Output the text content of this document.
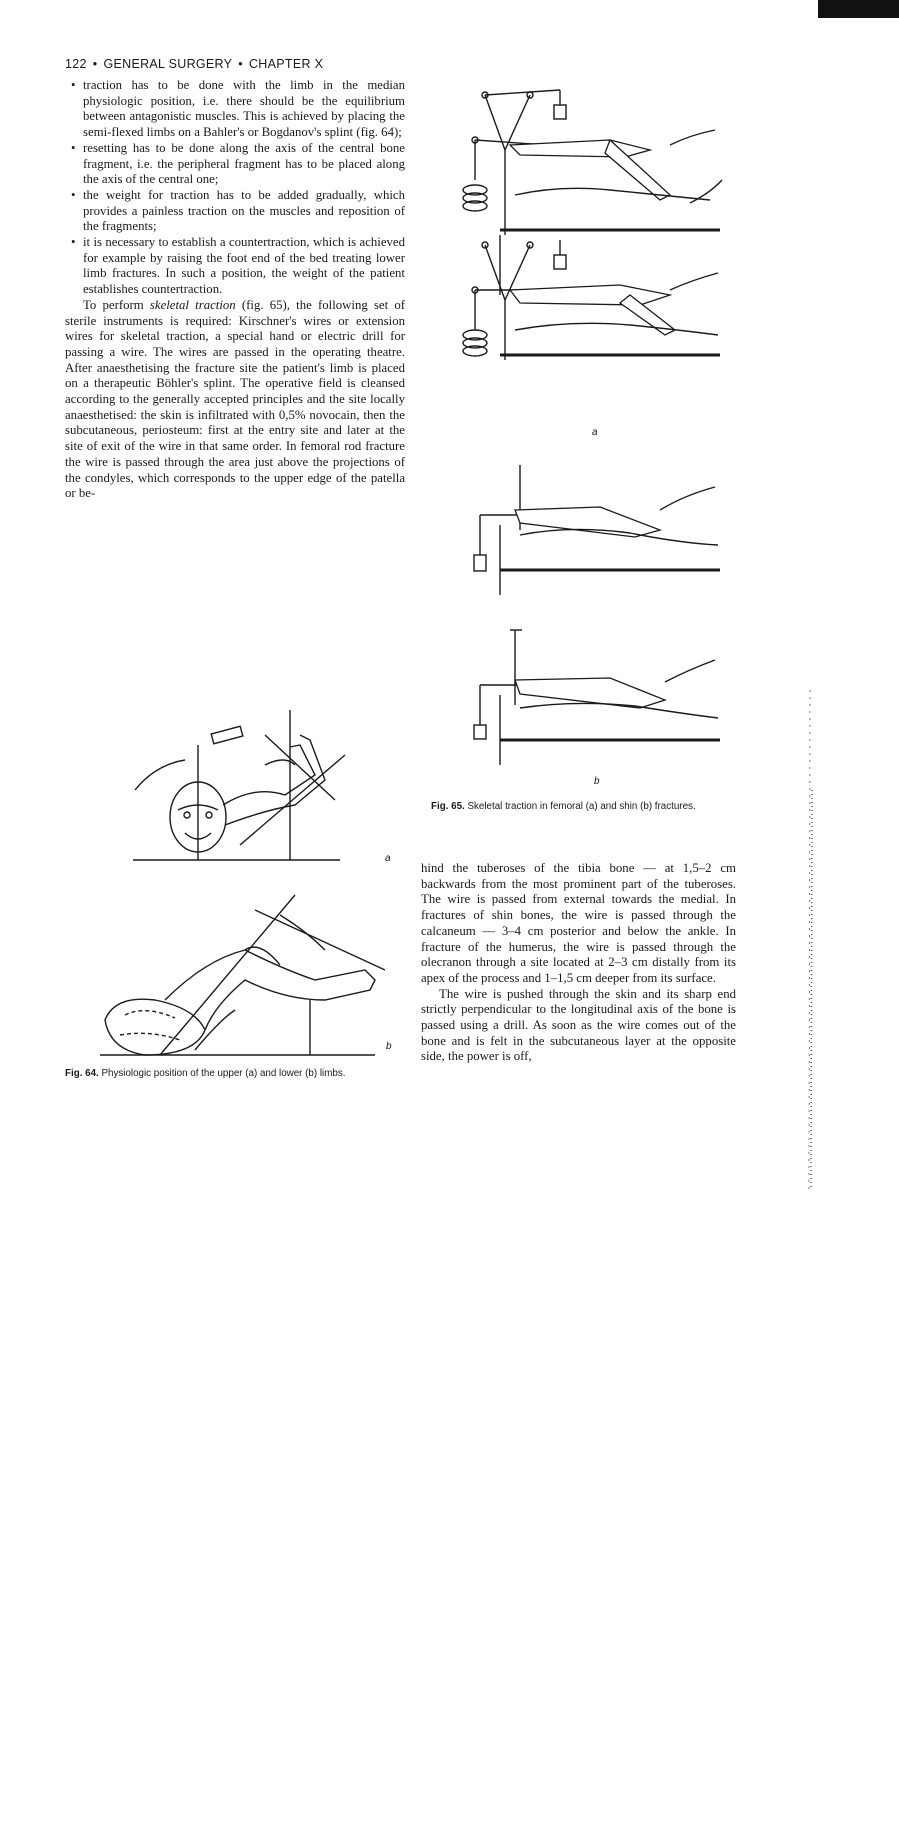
122 • GENERAL SURGERY • CHAPTER X
• traction has to be done with the limb in the median physiologic position, i.e. there should be the equilibrium between antagonistic muscles. This is achieved by placing the semi-flexed limbs on a Bahler's or Bogdanov's splint (fig. 64);
• resetting has to be done along the axis of the central bone fragment, i.e. the peripheral fragment has to be placed along the axis of the central one;
• the weight for traction has to be added gradually, which provides a painless traction on the muscles and reposition of the fragments;
• it is necessary to establish a countertraction, which is achieved for example by raising the foot end of the bed treating lower limb fractures. In such a position, the weight of the patient establishes countertraction.

To perform skeletal traction (fig. 65), the following set of sterile instruments is required: Kirschner's wires or extension wires for skeletal traction, a special hand or electric drill for passing a wire. The wires are passed in the operating theatre. After anaesthetising the fracture site the patient's limb is placed on a therapeutic Böhler's splint. The operative field is cleansed according to the generally accepted principles and the site locally anaesthetised: the skin is infiltrated with 0,5% novocain, then the subcutaneous, periosteum: first at the entry site and later at the site of exit of the wire in that same order. In femoral rod fracture the wire is passed through the area just above the projections of the condyles, which corresponds to the upper edge of the patella or be-

a
b
Fig. 65. Skeletal traction in femoral (a) and shin (b) fractures.
a
b
Fig. 64. Physiologic position of the upper (a) and lower (b) limbs.

hind the tuberoses of the tibia bone — at 1,5–2 cm backwards from the most prominent part of the tuberoses. The wire is passed from external towards the medial. In fractures of shin bones, the wire is passed through the calcaneum — 3–4 cm posterior and below the ankle. In fracture of the humerus, the wire is passed through the olecranon through a site located at 2–3 cm distally from its apex of the process and 1–1,5 cm deeper from its surface.

The wire is pushed through the skin and its sharp end strictly perpendicular to the longitudinal axis of the bone is passed using a drill. As soon as the wire comes out of the bone and is felt in the subcutaneous layer at the opposite side, the power is off,
